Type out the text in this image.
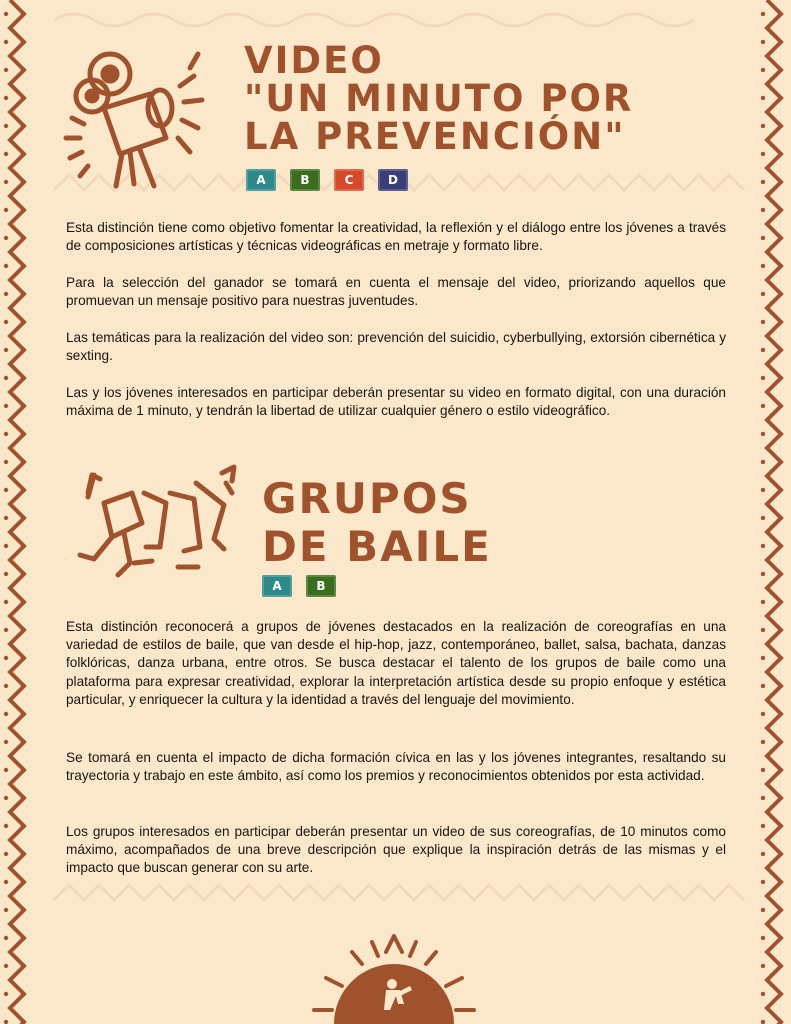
VIDEO
"UN MINUTO POR
LA PREVENCIÓN"
A	B	C	D

Esta distinción tiene como objetivo fomentar la creatividad, la reflexión y el diálogo entre los jóvenes a través de composiciones artísticas y técnicas videográficas en metraje y formato libre.

Para la selección del ganador se tomará en cuenta el mensaje del video, priorizando aquellos que promuevan un mensaje positivo para nuestras juventudes.

Las temáticas para la realización del video son: prevención del suicidio, cyberbullying, extorsión cibernética y sexting.

Las y los jóvenes interesados en participar deberán presentar su video en formato digital, con una duración máxima de 1 minuto, y tendrán la libertad de utilizar cualquier género o estilo videográfico.

GRUPOS
DE BAILE
A	B

Esta distinción reconocerá a grupos de jóvenes destacados en la realización de coreografías en una variedad de estilos de baile, que van desde el hip-hop, jazz, contemporáneo, ballet, salsa, bachata, danzas folklóricas, danza urbana, entre otros. Se busca destacar el talento de los grupos de baile como una plataforma para expresar creatividad, explorar la interpretación artística desde su propio enfoque y estética particular, y enriquecer la cultura y la identidad a través del lenguaje del movimiento.

Se tomará en cuenta el impacto de dicha formación cívica en las y los jóvenes integrantes, resaltando su trayectoria y trabajo en este ámbito, así como los premios y reconocimientos obtenidos por esta actividad.

Los grupos interesados en participar deberán presentar un video de sus coreografías, de 10 minutos como máximo, acompañados de una breve descripción que explique la inspiración detrás de las mismas y el impacto que buscan generar con su arte.
